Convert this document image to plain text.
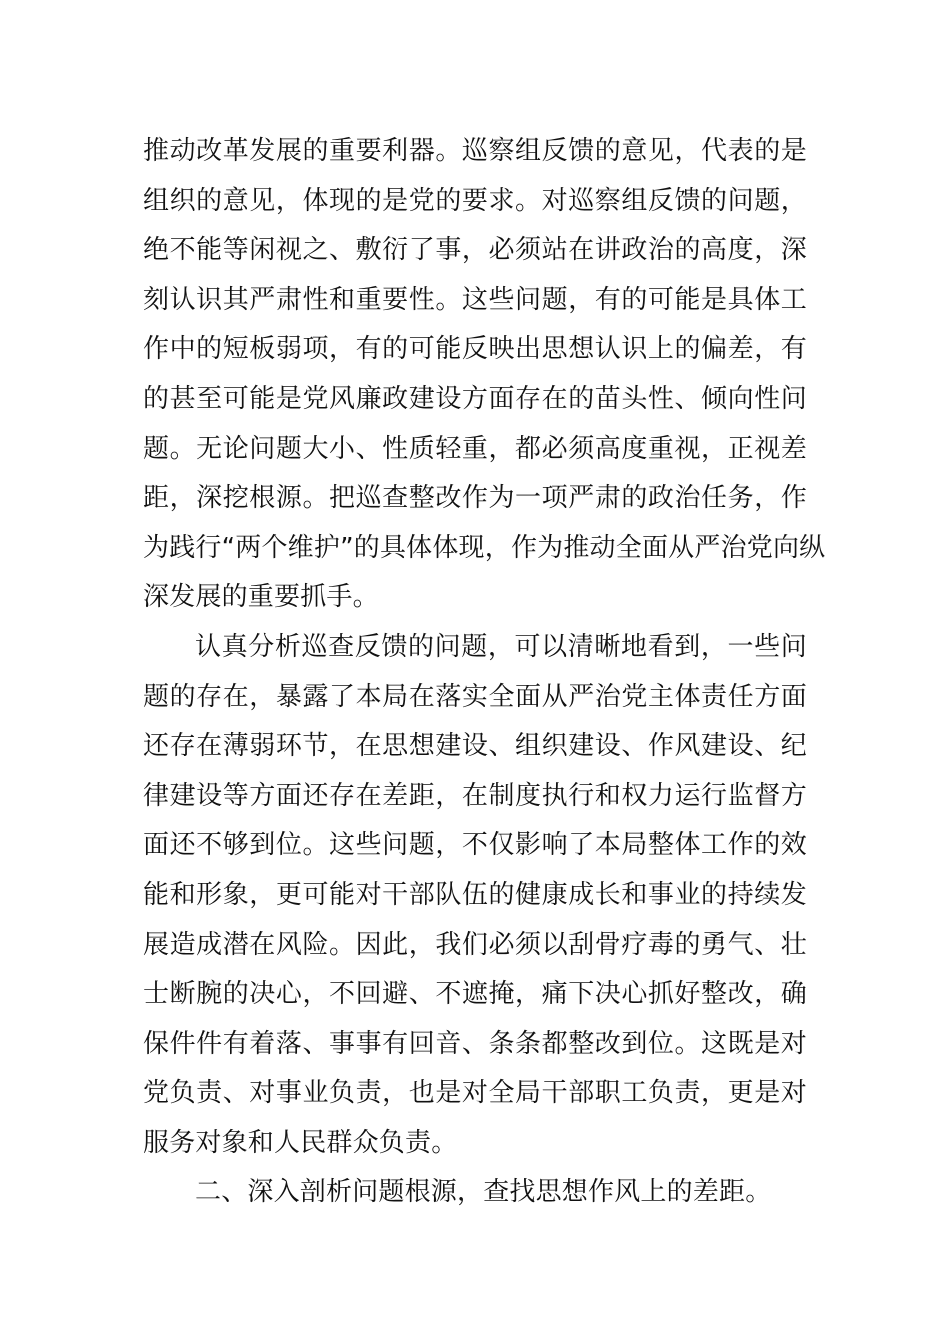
推动改革发展的重要利器。巡察组反馈的意见，代表的是
组织的意见，体现的是党的要求。对巡察组反馈的问题，
绝不能等闲视之、敷衍了事，必须站在讲政治的高度，深
刻认识其严肃性和重要性。这些问题，有的可能是具体工
作中的短板弱项，有的可能反映出思想认识上的偏差，有
的甚至可能是党风廉政建设方面存在的苗头性、倾向性问
题。无论问题大小、性质轻重，都必须高度重视，正视差
距，深挖根源。把巡查整改作为一项严肃的政治任务，作
为践行“两个维护”的具体体现，作为推动全面从严治党向纵
深发展的重要抓手。
认真分析巡查反馈的问题，可以清晰地看到，一些问
题的存在，暴露了本局在落实全面从严治党主体责任方面
还存在薄弱环节，在思想建设、组织建设、作风建设、纪
律建设等方面还存在差距，在制度执行和权力运行监督方
面还不够到位。这些问题，不仅影响了本局整体工作的效
能和形象，更可能对干部队伍的健康成长和事业的持续发
展造成潜在风险。因此，我们必须以刮骨疗毒的勇气、壮
士断腕的决心，不回避、不遮掩，痛下决心抓好整改，确
保件件有着落、事事有回音、条条都整改到位。这既是对
党负责、对事业负责，也是对全局干部职工负责，更是对
服务对象和人民群众负责。
二、深入剖析问题根源，查找思想作风上的差距。
